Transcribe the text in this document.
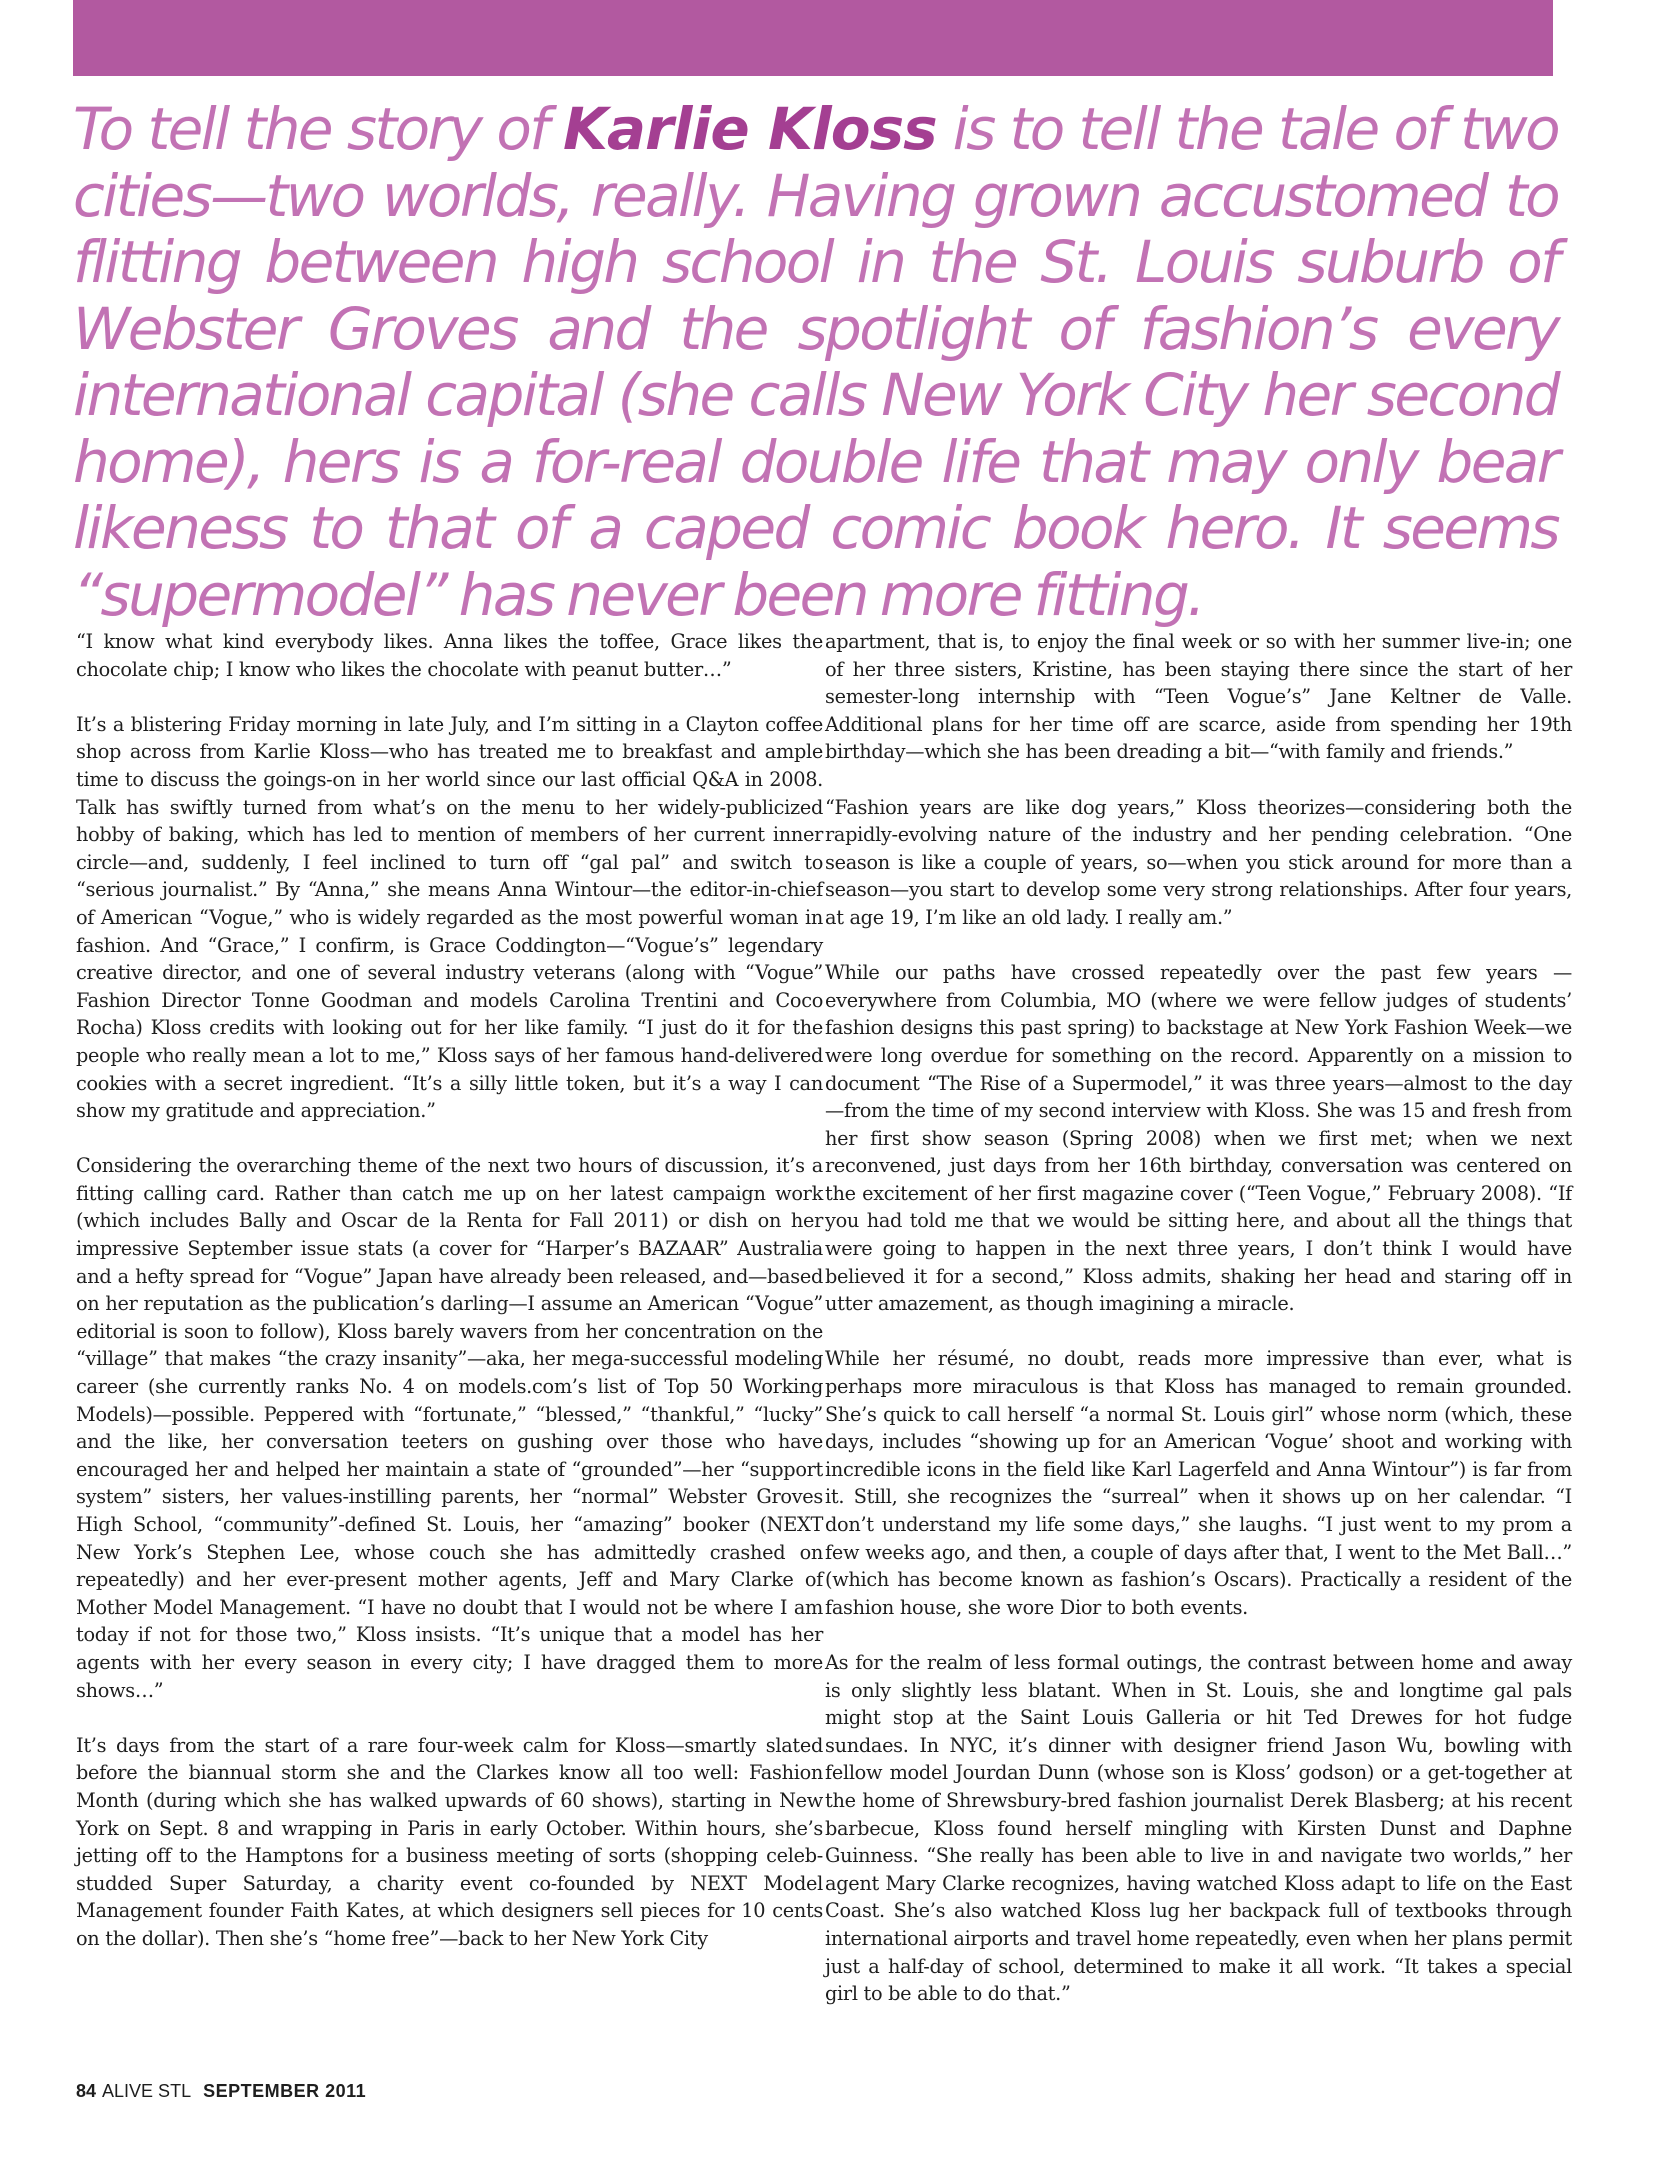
To tell the story of Karlie Kloss is to tell the tale of two cities—two worlds, really. Having grown accustomed to flitting between high school in the St. Louis suburb of Webster Groves and the spotlight of fashion’s every international capital (she calls New York City her second home), hers is a for-real double life that may only bear likeness to that of a caped comic book hero. It seems “supermodel” has never been more fitting.

“I know what kind everybody likes. Anna likes the toffee, Grace likes the chocolate chip; I know who likes the chocolate with peanut butter…”

It’s a blistering Friday morning in late July, and I’m sitting in a Clayton coffee shop across from Karlie Kloss—who has treated me to breakfast and ample time to discuss the goings-on in her world since our last official Q&A in 2008. Talk has swiftly turned from what’s on the menu to her widely-publicized hobby of baking, which has led to mention of members of her current inner circle—and, suddenly, I feel inclined to turn off “gal pal” and switch to “serious journalist.” By “Anna,” she means Anna Wintour—the editor-in-chief of American “Vogue,” who is widely regarded as the most powerful woman in fashion. And “Grace,” I confirm, is Grace Coddington—“Vogue’s” legendary creative director, and one of several industry veterans (along with “Vogue” Fashion Director Tonne Goodman and models Carolina Trentini and Coco Rocha) Kloss credits with looking out for her like family. “I just do it for the people who really mean a lot to me,” Kloss says of her famous hand-delivered cookies with a secret ingredient. “It’s a silly little token, but it’s a way I can show my gratitude and appreciation.”

Considering the overarching theme of the next two hours of discussion, it’s a fitting calling card. Rather than catch me up on her latest campaign work (which includes Bally and Oscar de la Renta for Fall 2011) or dish on her impressive September issue stats (a cover for “Harper’s BAZAAR” Australia and a hefty spread for “Vogue” Japan have already been released, and—based on her reputation as the publication’s darling—I assume an American “Vogue” editorial is soon to follow), Kloss barely wavers from her concentration on the “village” that makes “the crazy insanity”—aka, her mega-successful modeling career (she currently ranks No. 4 on models.com’s list of Top 50 Working Models)—possible. Peppered with “fortunate,” “blessed,” “thankful,” “lucky” and the like, her conversation teeters on gushing over those who have encouraged her and helped her maintain a state of “grounded”—her “support system” sisters, her values-instilling parents, her “normal” Webster Groves High School, “community”-defined St. Louis, her “amazing” booker (NEXT New York’s Stephen Lee, whose couch she has admittedly crashed on repeatedly) and her ever-present mother agents, Jeff and Mary Clarke of Mother Model Management. “I have no doubt that I would not be where I am today if not for those two,” Kloss insists. “It’s unique that a model has her agents with her every season in every city; I have dragged them to more shows…”

It’s days from the start of a rare four-week calm for Kloss—smartly slated before the biannual storm she and the Clarkes know all too well: Fashion Month (during which she has walked upwards of 60 shows), starting in New York on Sept. 8 and wrapping in Paris in early October. Within hours, she’s jetting off to the Hamptons for a business meeting of sorts (shopping celeb-studded Super Saturday, a charity event co-founded by NEXT Model Management founder Faith Kates, at which designers sell pieces for 10 cents on the dollar). Then she’s “home free”—back to her New York City

apartment, that is, to enjoy the final week or so with her summer live-in; one of her three sisters, Kristine, has been staying there since the start of her semester-long internship with “Teen Vogue’s” Jane Keltner de Valle. Additional plans for her time off are scarce, aside from spending her 19th birthday—which she has been dreading a bit—“with family and friends.”

“Fashion years are like dog years,” Kloss theorizes—considering both the rapidly-evolving nature of the industry and her pending celebration. “One season is like a couple of years, so—when you stick around for more than a season—you start to develop some very strong relationships. After four years, at age 19, I’m like an old lady. I really am.”

While our paths have crossed repeatedly over the past few years —everywhere from Columbia, MO (where we were fellow judges of students’ fashion designs this past spring) to backstage at New York Fashion Week—we were long overdue for something on the record. Apparently on a mission to document “The Rise of a Supermodel,” it was three years—almost to the day—from the time of my second interview with Kloss. She was 15 and fresh from her first show season (Spring 2008) when we first met; when we next reconvened, just days from her 16th birthday, conversation was centered on the excitement of her first magazine cover (“Teen Vogue,” February 2008). “If you had told me that we would be sitting here, and about all the things that were going to happen in the next three years, I don’t think I would have believed it for a second,” Kloss admits, shaking her head and staring off in utter amazement, as though imagining a miracle.

While her résumé, no doubt, reads more impressive than ever, what is perhaps more miraculous is that Kloss has managed to remain grounded. She’s quick to call herself “a normal St. Louis girl” whose norm (which, these days, includes “showing up for an American ‘Vogue’ shoot and working with incredible icons in the field like Karl Lagerfeld and Anna Wintour”) is far from it. Still, she recognizes the “surreal” when it shows up on her calendar. “I don’t understand my life some days,” she laughs. “I just went to my prom a few weeks ago, and then, a couple of days after that, I went to the Met Ball…” (which has become known as fashion’s Oscars). Practically a resident of the fashion house, she wore Dior to both events.

As for the realm of less formal outings, the contrast between home and away is only slightly less blatant. When in St. Louis, she and longtime gal pals might stop at the Saint Louis Galleria or hit Ted Drewes for hot fudge sundaes. In NYC, it’s dinner with designer friend Jason Wu, bowling with fellow model Jourdan Dunn (whose son is Kloss’ godson) or a get-together at the home of Shrewsbury-bred fashion journalist Derek Blasberg; at his recent barbecue, Kloss found herself mingling with Kirsten Dunst and Daphne Guinness. “She really has been able to live in and navigate two worlds,” her agent Mary Clarke recognizes, having watched Kloss adapt to life on the East Coast. She’s also watched Kloss lug her backpack full of textbooks through international airports and travel home repeatedly, even when her plans permit just a half-day of school, determined to make it all work. “It takes a special girl to be able to do that.”

84 ALIVE STL SEPTEMBER 2011
